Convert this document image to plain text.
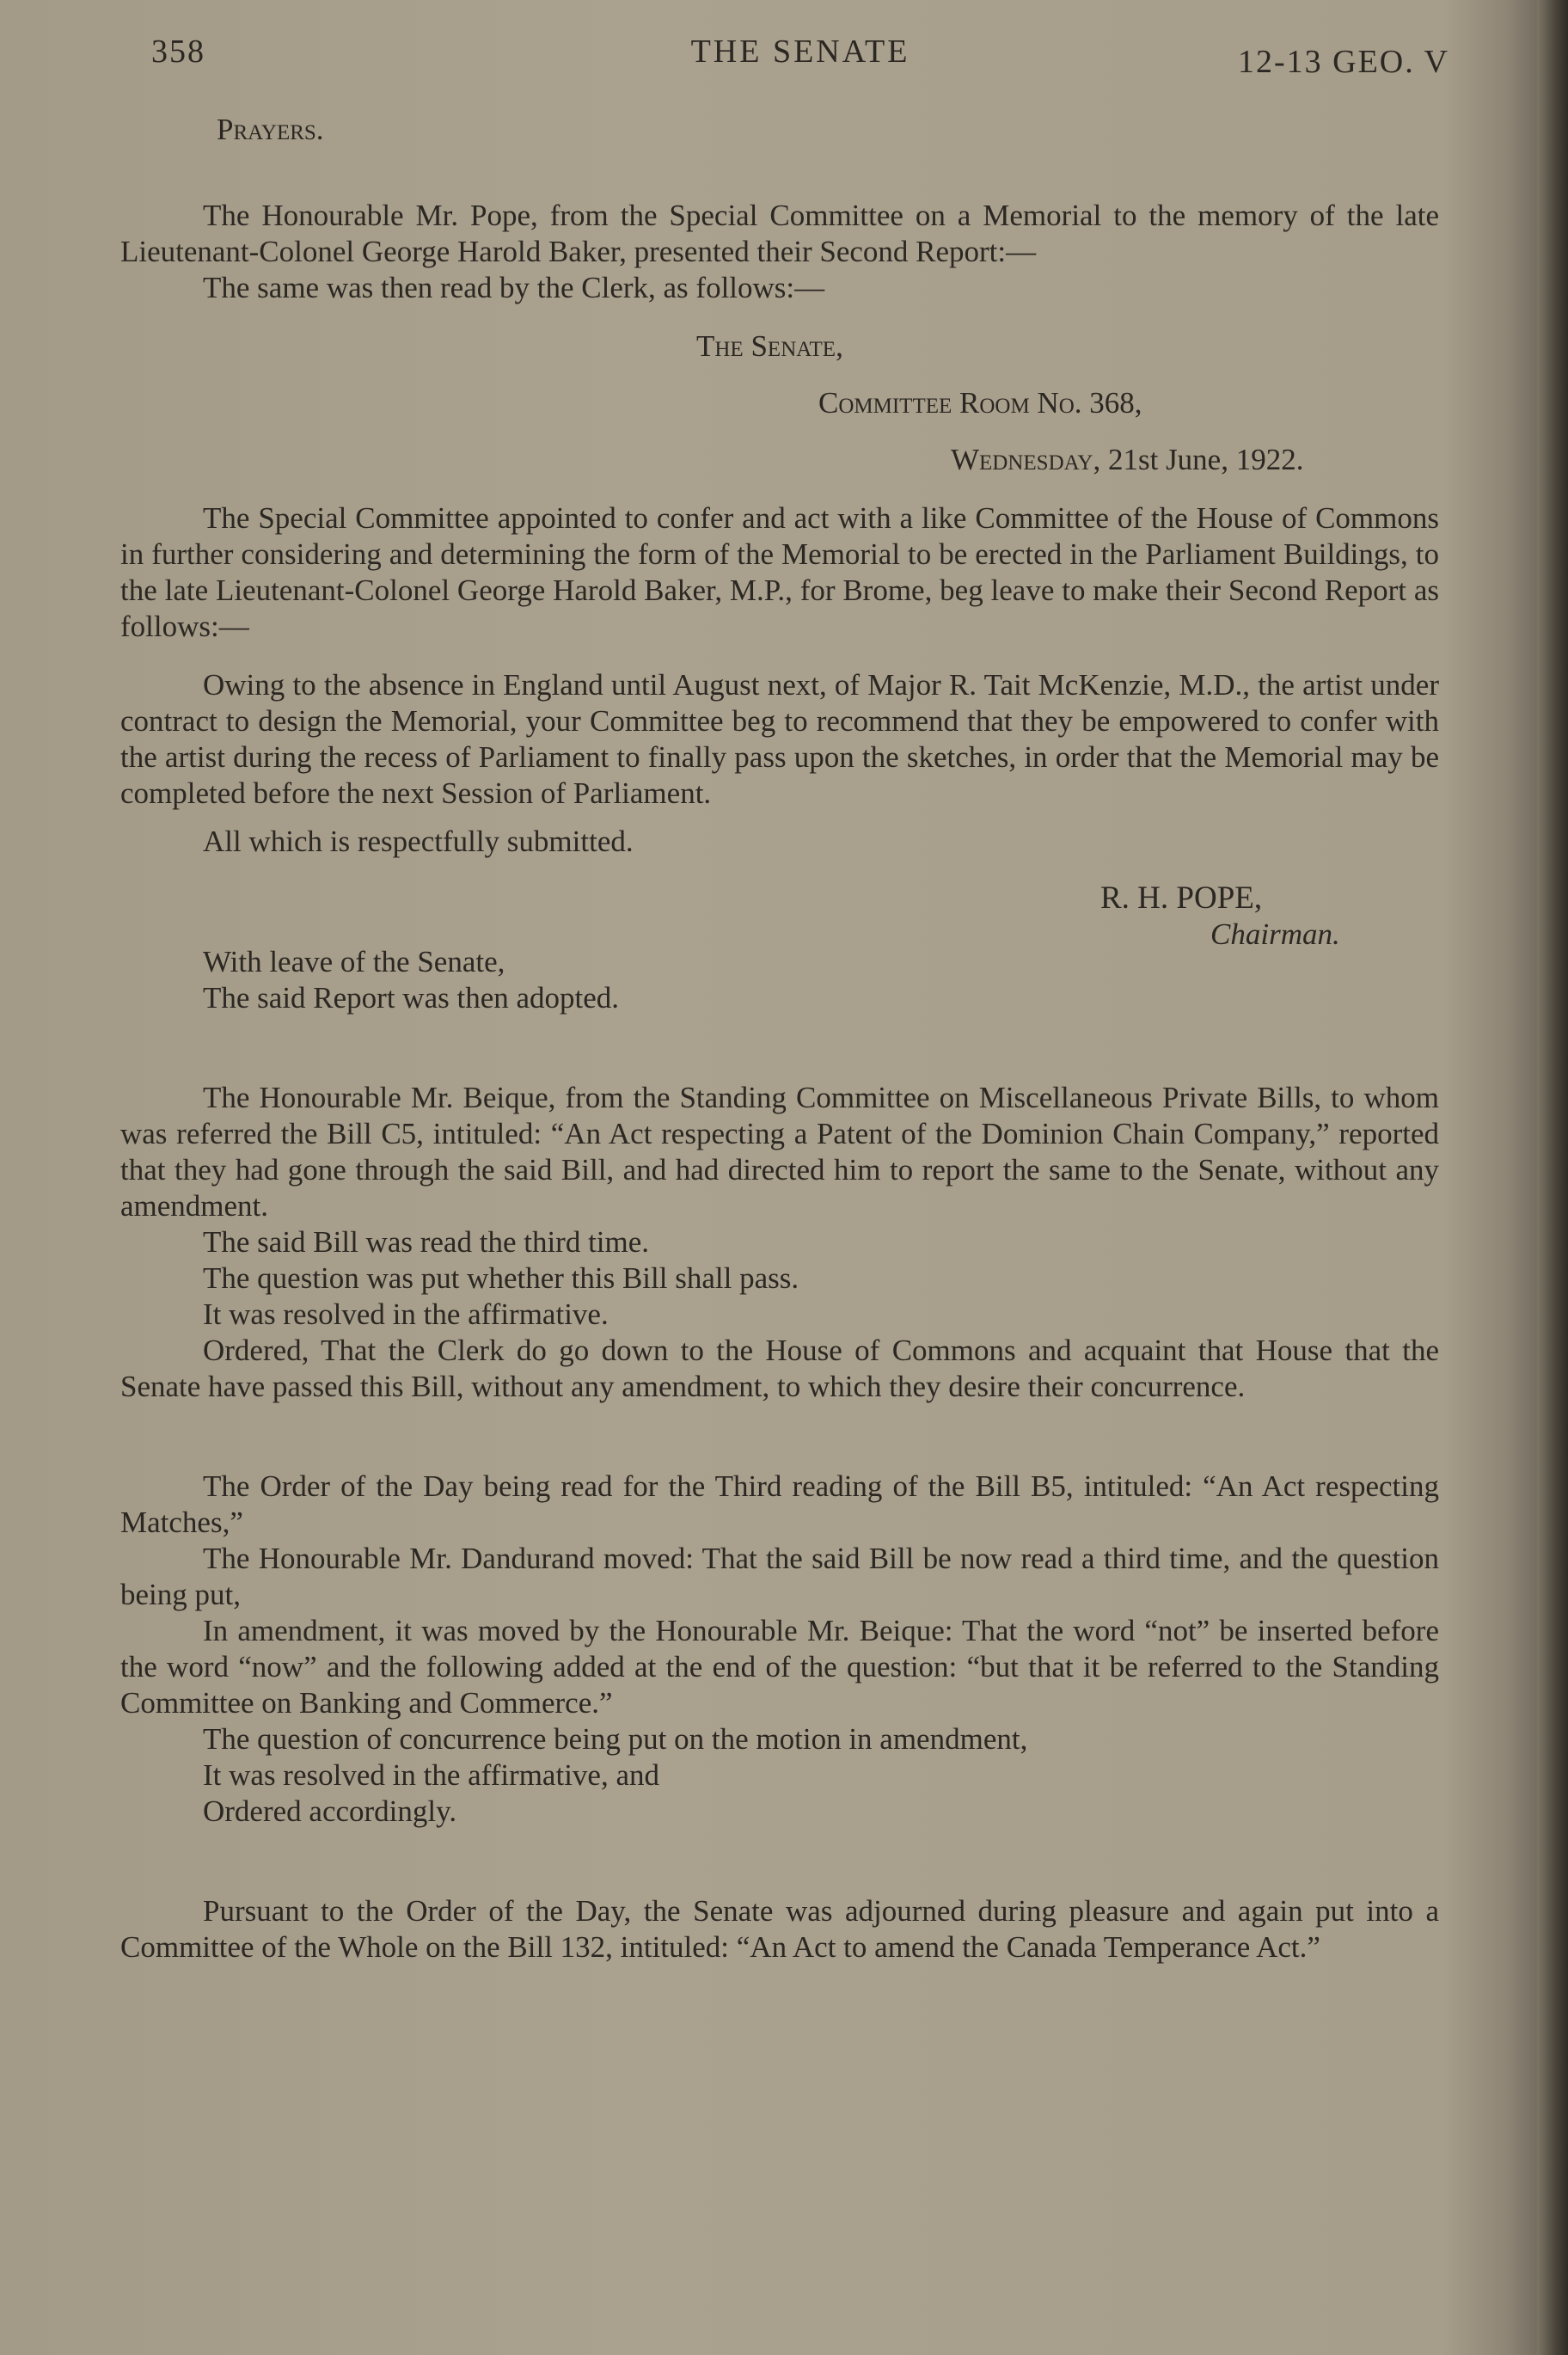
358	THE SENATE	12-13 GEO. V
Prayers.

The Honourable Mr. Pope, from the Special Committee on a Memorial to the memory of the late Lieutenant-Colonel George Harold Baker, presented their Second Report:—

The same was then read by the Clerk, as follows:—

The Senate,
Committee Room No. 368,
Wednesday, 21st June, 1922.

The Special Committee appointed to confer and act with a like Committee of the House of Commons in further considering and determining the form of the Memorial to be erected in the Parliament Buildings, to the late Lieutenant-Colonel George Harold Baker, M.P., for Brome, beg leave to make their Second Report as follows:—

Owing to the absence in England until August next, of Major R. Tait McKenzie, M.D., the artist under contract to design the Memorial, your Committee beg to recommend that they be empowered to confer with the artist during the recess of Parliament to finally pass upon the sketches, in order that the Memorial may be completed before the next Session of Parliament.

All which is respectfully submitted.
R. H. POPE,
Chairman.
With leave of the Senate,
The said Report was then adopted.

The Honourable Mr. Beique, from the Standing Committee on Miscellaneous Private Bills, to whom was referred the Bill C5, intituled: “An Act respecting a Patent of the Dominion Chain Company,” reported that they had gone through the said Bill, and had directed him to report the same to the Senate, without any amendment.

The said Bill was read the third time.
The question was put whether this Bill shall pass.
It was resolved in the affirmative.

Ordered, That the Clerk do go down to the House of Commons and acquaint that House that the Senate have passed this Bill, without any amendment, to which they desire their concurrence.

The Order of the Day being read for the Third reading of the Bill B5, intituled: “An Act respecting Matches,”

The Honourable Mr. Dandurand moved: That the said Bill be now read a third time, and the question being put,

In amendment, it was moved by the Honourable Mr. Beique: That the word “not” be inserted before the word “now” and the following added at the end of the question: “but that it be referred to the Standing Committee on Banking and Commerce.”

The question of concurrence being put on the motion in amendment,
It was resolved in the affirmative, and
Ordered accordingly.

Pursuant to the Order of the Day, the Senate was adjourned during pleasure and again put into a Committee of the Whole on the Bill 132, intituled: “An Act to amend the Canada Temperance Act.”
